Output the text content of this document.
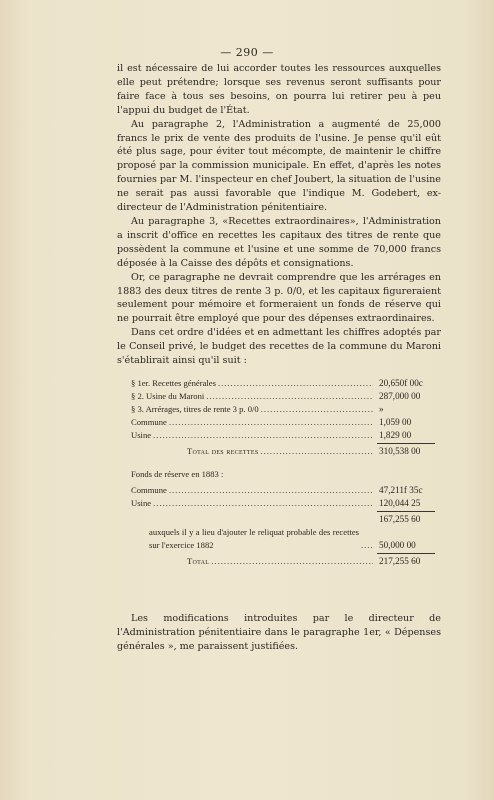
— 290 —

il est nécessaire de lui accorder toutes les ressources auxquelles elle peut prétendre; lorsque ses revenus seront suffisants pour faire face à tous ses besoins, on pourra lui retirer peu à peu l'appui du budget de l'État.

Au paragraphe 2, l'Administration a augmenté de 25,000 francs le prix de vente des produits de l'usine. Je pense qu'il eût été plus sage, pour éviter tout mécompte, de maintenir le chiffre proposé par la commission municipale. En effet, d'après les notes fournies par M. l'inspecteur en chef Joubert, la situation de l'usine ne serait pas aussi favorable que l'indique M. Godebert, ex-directeur de l'Administration pénitentiaire.

Au paragraphe 3, «Recettes extraordinaires», l'Administration a inscrit d'office en recettes les capitaux des titres de rente que possèdent la commune et l'usine et une somme de 70,000 francs déposée à la Caisse des dépôts et consignations.

Or, ce paragraphe ne devrait comprendre que les arrérages en 1883 des deux titres de rente 3 p. 0/0, et les capitaux figureraient seulement pour mémoire et formeraient un fonds de réserve qui ne pourrait être employé que pour des dépenses extraordinaires.

Dans cet ordre d'idées et en admettant les chiffres adoptés par le Conseil privé, le budget des recettes de la commune du Maroni s'établirait ainsi qu'il suit :

§ 1er. Recettes générales .....	20,650f 00c
§ 2. Usine du Maroni .....	287,000 00
§ 3. Arrérages, titres de rente 3 p. 0/0 .....	»
Commune .....	1,059 00
Usine .....	1,829 00
Total des recettes .....	310,538 00
Fonds de réserve en 1883 :
Commune .....	47,211f 35c
Usine .....	120,044 25
167,255 60
auxquels il y a lieu d'ajouter le reliquat probable des recettes sur l'exercice 1882 .....	50,000 00
Total .....	217,255 60

Les modifications introduites par le directeur de l'Administration pénitentiaire dans le paragraphe 1er, « Dépenses générales », me paraissent justifiées.
